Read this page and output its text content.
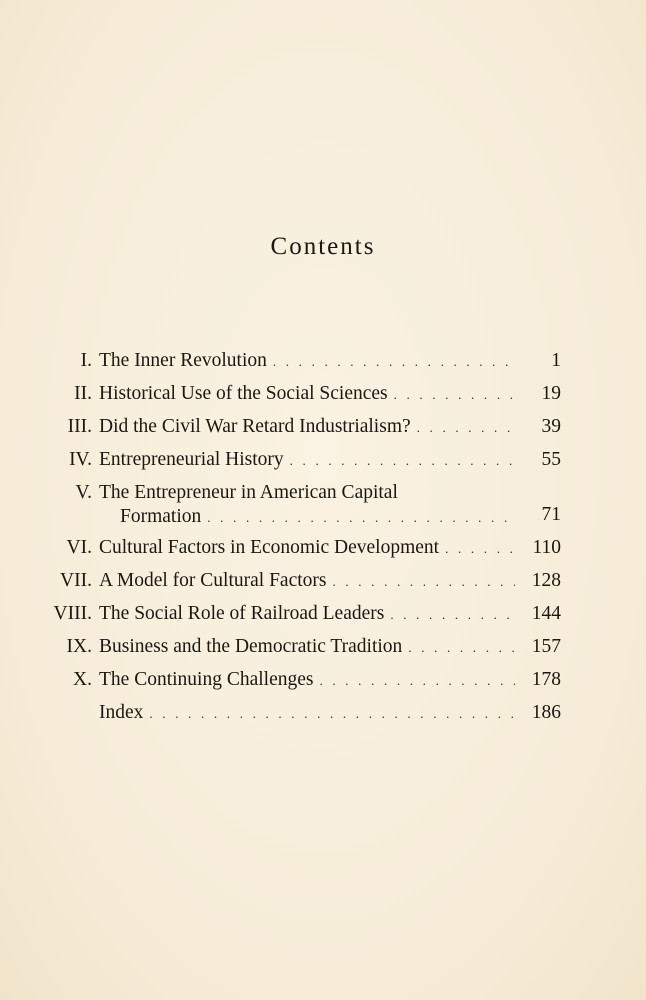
Contents
I. The Inner Revolution . . .	1
II. Historical Use of the Social Sciences . . .	19
III. Did the Civil War Retard Industrialism? . . .	39
IV. Entrepreneurial History . . .	55
V. The Entrepreneur in American Capital
Formation . . .	71
VI. Cultural Factors in Economic Development . . .	110
VII. A Model for Cultural Factors . . .	128
VIII. The Social Role of Railroad Leaders . . .	144
IX. Business and the Democratic Tradition . . .	157
X. The Continuing Challenges . . .	178
Index . . .	186
